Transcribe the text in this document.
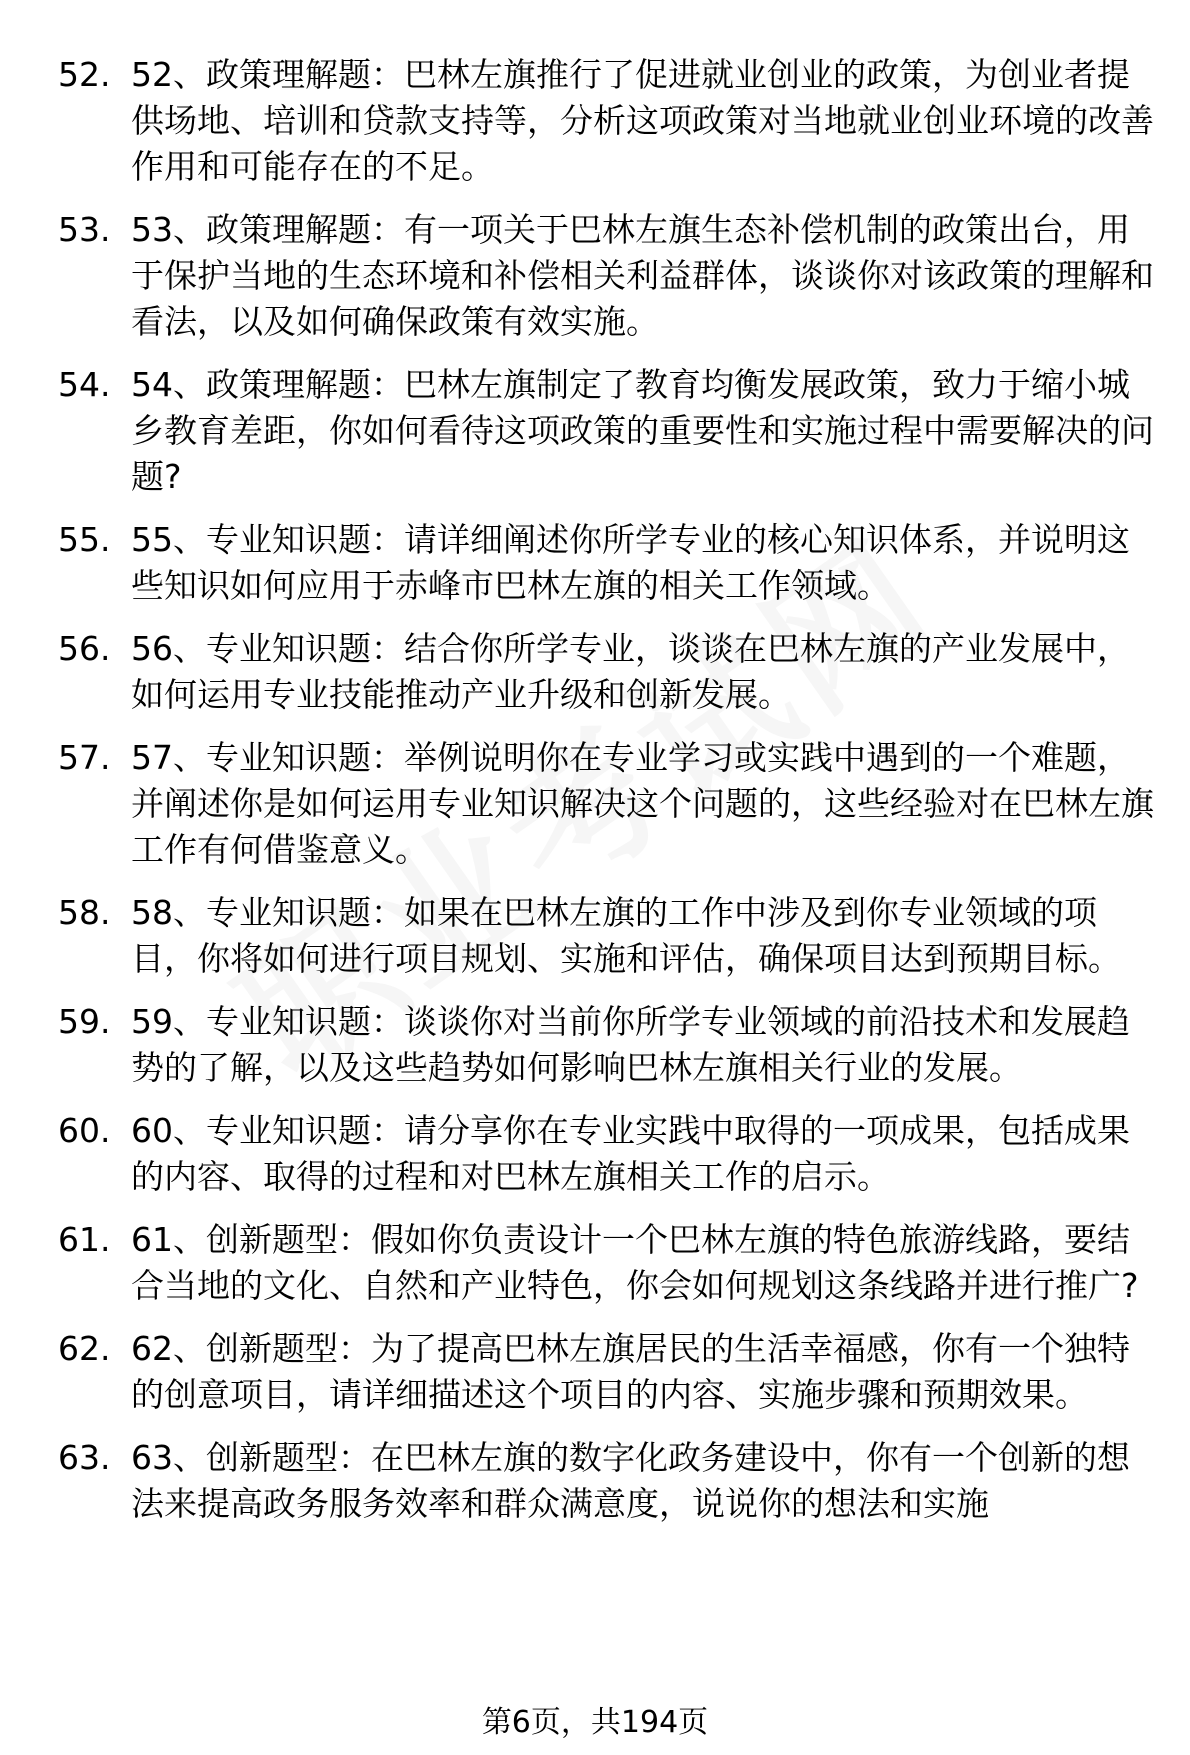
52. 52、政策理解题：巴林左旗推行了促进就业创业的政策，为创业者提供场地、培训和贷款支持等，分析这项政策对当地就业创业环境的改善作用和可能存在的不足。
53. 53、政策理解题：有一项关于巴林左旗生态补偿机制的政策出台，用于保护当地的生态环境和补偿相关利益群体，谈谈你对该政策的理解和看法，以及如何确保政策有效实施。
54. 54、政策理解题：巴林左旗制定了教育均衡发展政策，致力于缩小城乡教育差距，你如何看待这项政策的重要性和实施过程中需要解决的问题?
55. 55、专业知识题：请详细阐述你所学专业的核心知识体系，并说明这些知识如何应用于赤峰市巴林左旗的相关工作领域。
56. 56、专业知识题：结合你所学专业，谈谈在巴林左旗的产业发展中，如何运用专业技能推动产业升级和创新发展。
57. 57、专业知识题：举例说明你在专业学习或实践中遇到的一个难题，并阐述你是如何运用专业知识解决这个问题的，这些经验对在巴林左旗工作有何借鉴意义。
58. 58、专业知识题：如果在巴林左旗的工作中涉及到你专业领域的项目，你将如何进行项目规划、实施和评估，确保项目达到预期目标。
59. 59、专业知识题：谈谈你对当前你所学专业领域的前沿技术和发展趋势的了解，以及这些趋势如何影响巴林左旗相关行业的发展。
60. 60、专业知识题：请分享你在专业实践中取得的一项成果，包括成果的内容、取得的过程和对巴林左旗相关工作的启示。
61. 61、创新题型：假如你负责设计一个巴林左旗的特色旅游线路，要结合当地的文化、自然和产业特色，你会如何规划这条线路并进行推广?
62. 62、创新题型：为了提高巴林左旗居民的生活幸福感，你有一个独特的创意项目，请详细描述这个项目的内容、实施步骤和预期效果。
63. 63、创新题型：在巴林左旗的数字化政务建设中，你有一个创新的想法来提高政务服务效率和群众满意度，说说你的想法和实施
第6页，共194页
